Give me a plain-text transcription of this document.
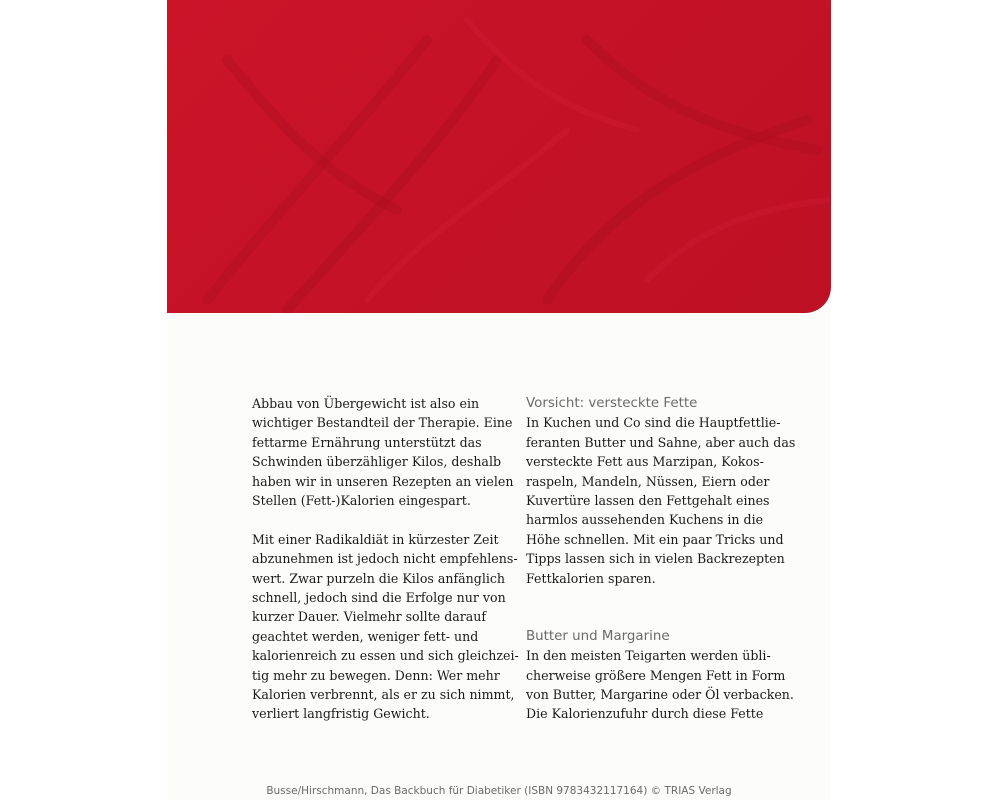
Abbau von Übergewicht ist also ein
wichtiger Bestandteil der Therapie. Eine
fettarme Ernährung unterstützt das
Schwinden überzähliger Kilos, deshalb
haben wir in unseren Rezepten an vielen
Stellen (Fett-)Kalorien eingespart.

Mit einer Radikaldiät in kürzester Zeit
abzunehmen ist jedoch nicht empfehlens-
wert. Zwar purzeln die Kilos anfänglich
schnell, jedoch sind die Erfolge nur von
kurzer Dauer. Vielmehr sollte darauf
geachtet werden, weniger fett- und
kalorienreich zu essen und sich gleichzei-
tig mehr zu bewegen. Denn: Wer mehr
Kalorien verbrennt, als er zu sich nimmt,
verliert langfristig Gewicht.

Vorsicht: versteckte Fette
In Kuchen und Co sind die Hauptfettlie-
feranten Butter und Sahne, aber auch das
versteckte Fett aus Marzipan, Kokos-
raspeln, Mandeln, Nüssen, Eiern oder
Kuvertüre lassen den Fettgehalt eines
harmlos aussehenden Kuchens in die
Höhe schnellen. Mit ein paar Tricks und
Tipps lassen sich in vielen Backrezepten
Fettkalorien sparen.
Butter und Margarine
In den meisten Teigarten werden übli-
cherweise größere Mengen Fett in Form
von Butter, Margarine oder Öl verbacken.
Die Kalorienzufuhr durch diese Fette
Busse/Hirschmann, Das Backbuch für Diabetiker (ISBN 9783432117164) © TRIAS Verlag
